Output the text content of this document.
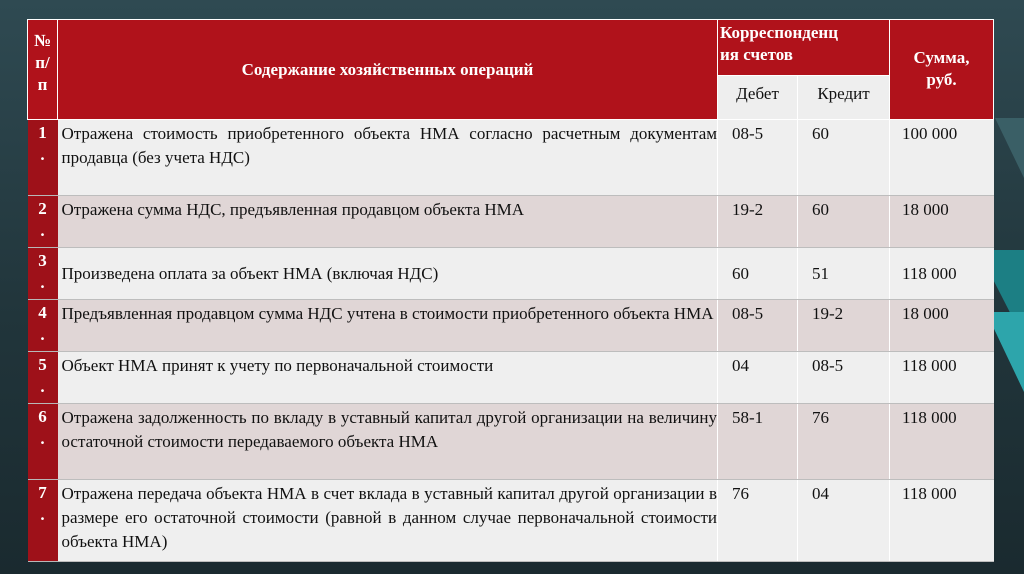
№
п/
п	Содержание хозяйственных операций	Корреспонденц
ия счетов		Сумма,
руб.
		Дебет	Кредит	
1
.	Отражена стоимость приобретенного объекта НМА согласно расчетным документам продавца (без учета НДС)	08-5	60	100 000
2
.	Отражена сумма НДС, предъявленная продавцом объекта НМА	19-2	60	18 000
3
.	Произведена оплата за объект НМА (включая НДС)	60	51	118 000
4
.	Предъявленная продавцом сумма НДС учтена в стоимости приобретенного объекта НМА	08-5	19-2	18 000
5
.	Объект НМА принят к учету по первоначальной стоимости	04	08-5	118 000
6
.	Отражена задолженность по вкладу в уставный капитал другой организации на величину остаточной стоимости передаваемого объекта НМА	58-1	76	118 000
7
.	Отражена передача объекта НМА в счет вклада в уставный капитал другой организации в размере его остаточной стоимости (равной в данном случае первоначальной стоимости объекта НМА)	76	04	118 000
